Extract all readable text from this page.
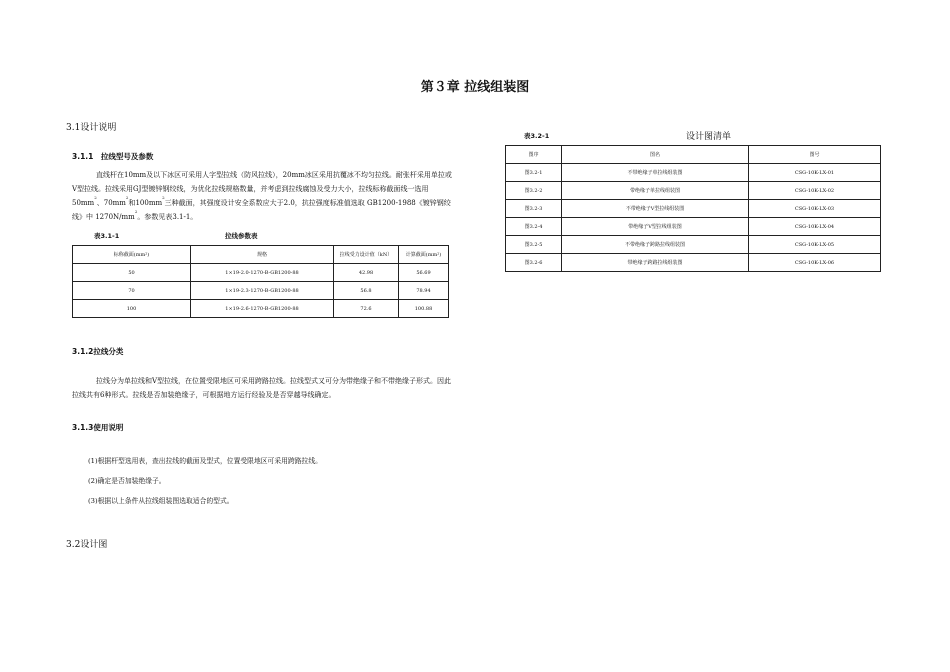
第３章 拉线组装图
3.1设计说明
3.1.1　拉线型号及参数

直线杆在10mm及以下冰区可采用人字型拉线（防风拉线），20mm冰区采用抗覆冰不均匀拉线。耐张杆采用单拉或V型拉线。拉线采用GJ型镀锌钢绞线，为优化拉线规格数量，并考虑到拉线腐蚀及受力大小，拉线标称截面线一选用$50mm^2$、$70mm^2$和$100mm^2$三种截面，其强度设计安全系数应大于2.0，抗拉强度标准值选取 GB1200-1988《镀锌钢绞线》中 $1270N/mm^2$。参数见表3.1-1。

表3.1-1	拉线参数表
标称截面(mm²)	规格	拉线受力设计值（kN）	计算截面(mm²)
50	1×19-2.0-1270-B-GB1200-88	42.98	56.69
70	1×19-2.3-1270-B-GB1200-88	56.8	78.94
100	1×19-2.6-1270-B-GB1200-88	72.6	100.88
3.1.2拉线分类

拉线分为单拉线和V型拉线，在位置受限地区可采用跨路拉线。拉线型式又可分为带绝缘子和不带绝缘子形式。因此拉线共有6种形式。拉线是否加装绝缘子，可根据地方运行经验及是否穿越导线确定。

3.1.3使用说明
(1)根据杆型选用表，查出拉线的截面及型式，位置受限地区可采用跨路拉线。
(2)确定是否加装绝缘子。
(3)根据以上条件从拉线组装图选取适合的型式。
3.2设计图
表3.2-1	设计图清单
图序	图名	图号
图3.2-1	不带绝缘子单拉线组装图	CSG-10K-LX-01
图3.2-2	带绝缘子单拉线组装图	CSG-10K-LX-02
图3.2-3	不带绝缘子V型拉线组装图	CSG-10K-LX-03
图3.2-4	带绝缘子V型拉线组装图	CSG-10K-LX-04
图3.2-5	不带绝缘子跨路拉线组装图	CSG-10K-LX-05
图3.2-6	带绝缘子跨路拉线组装图	CSG-10K-LX-06
